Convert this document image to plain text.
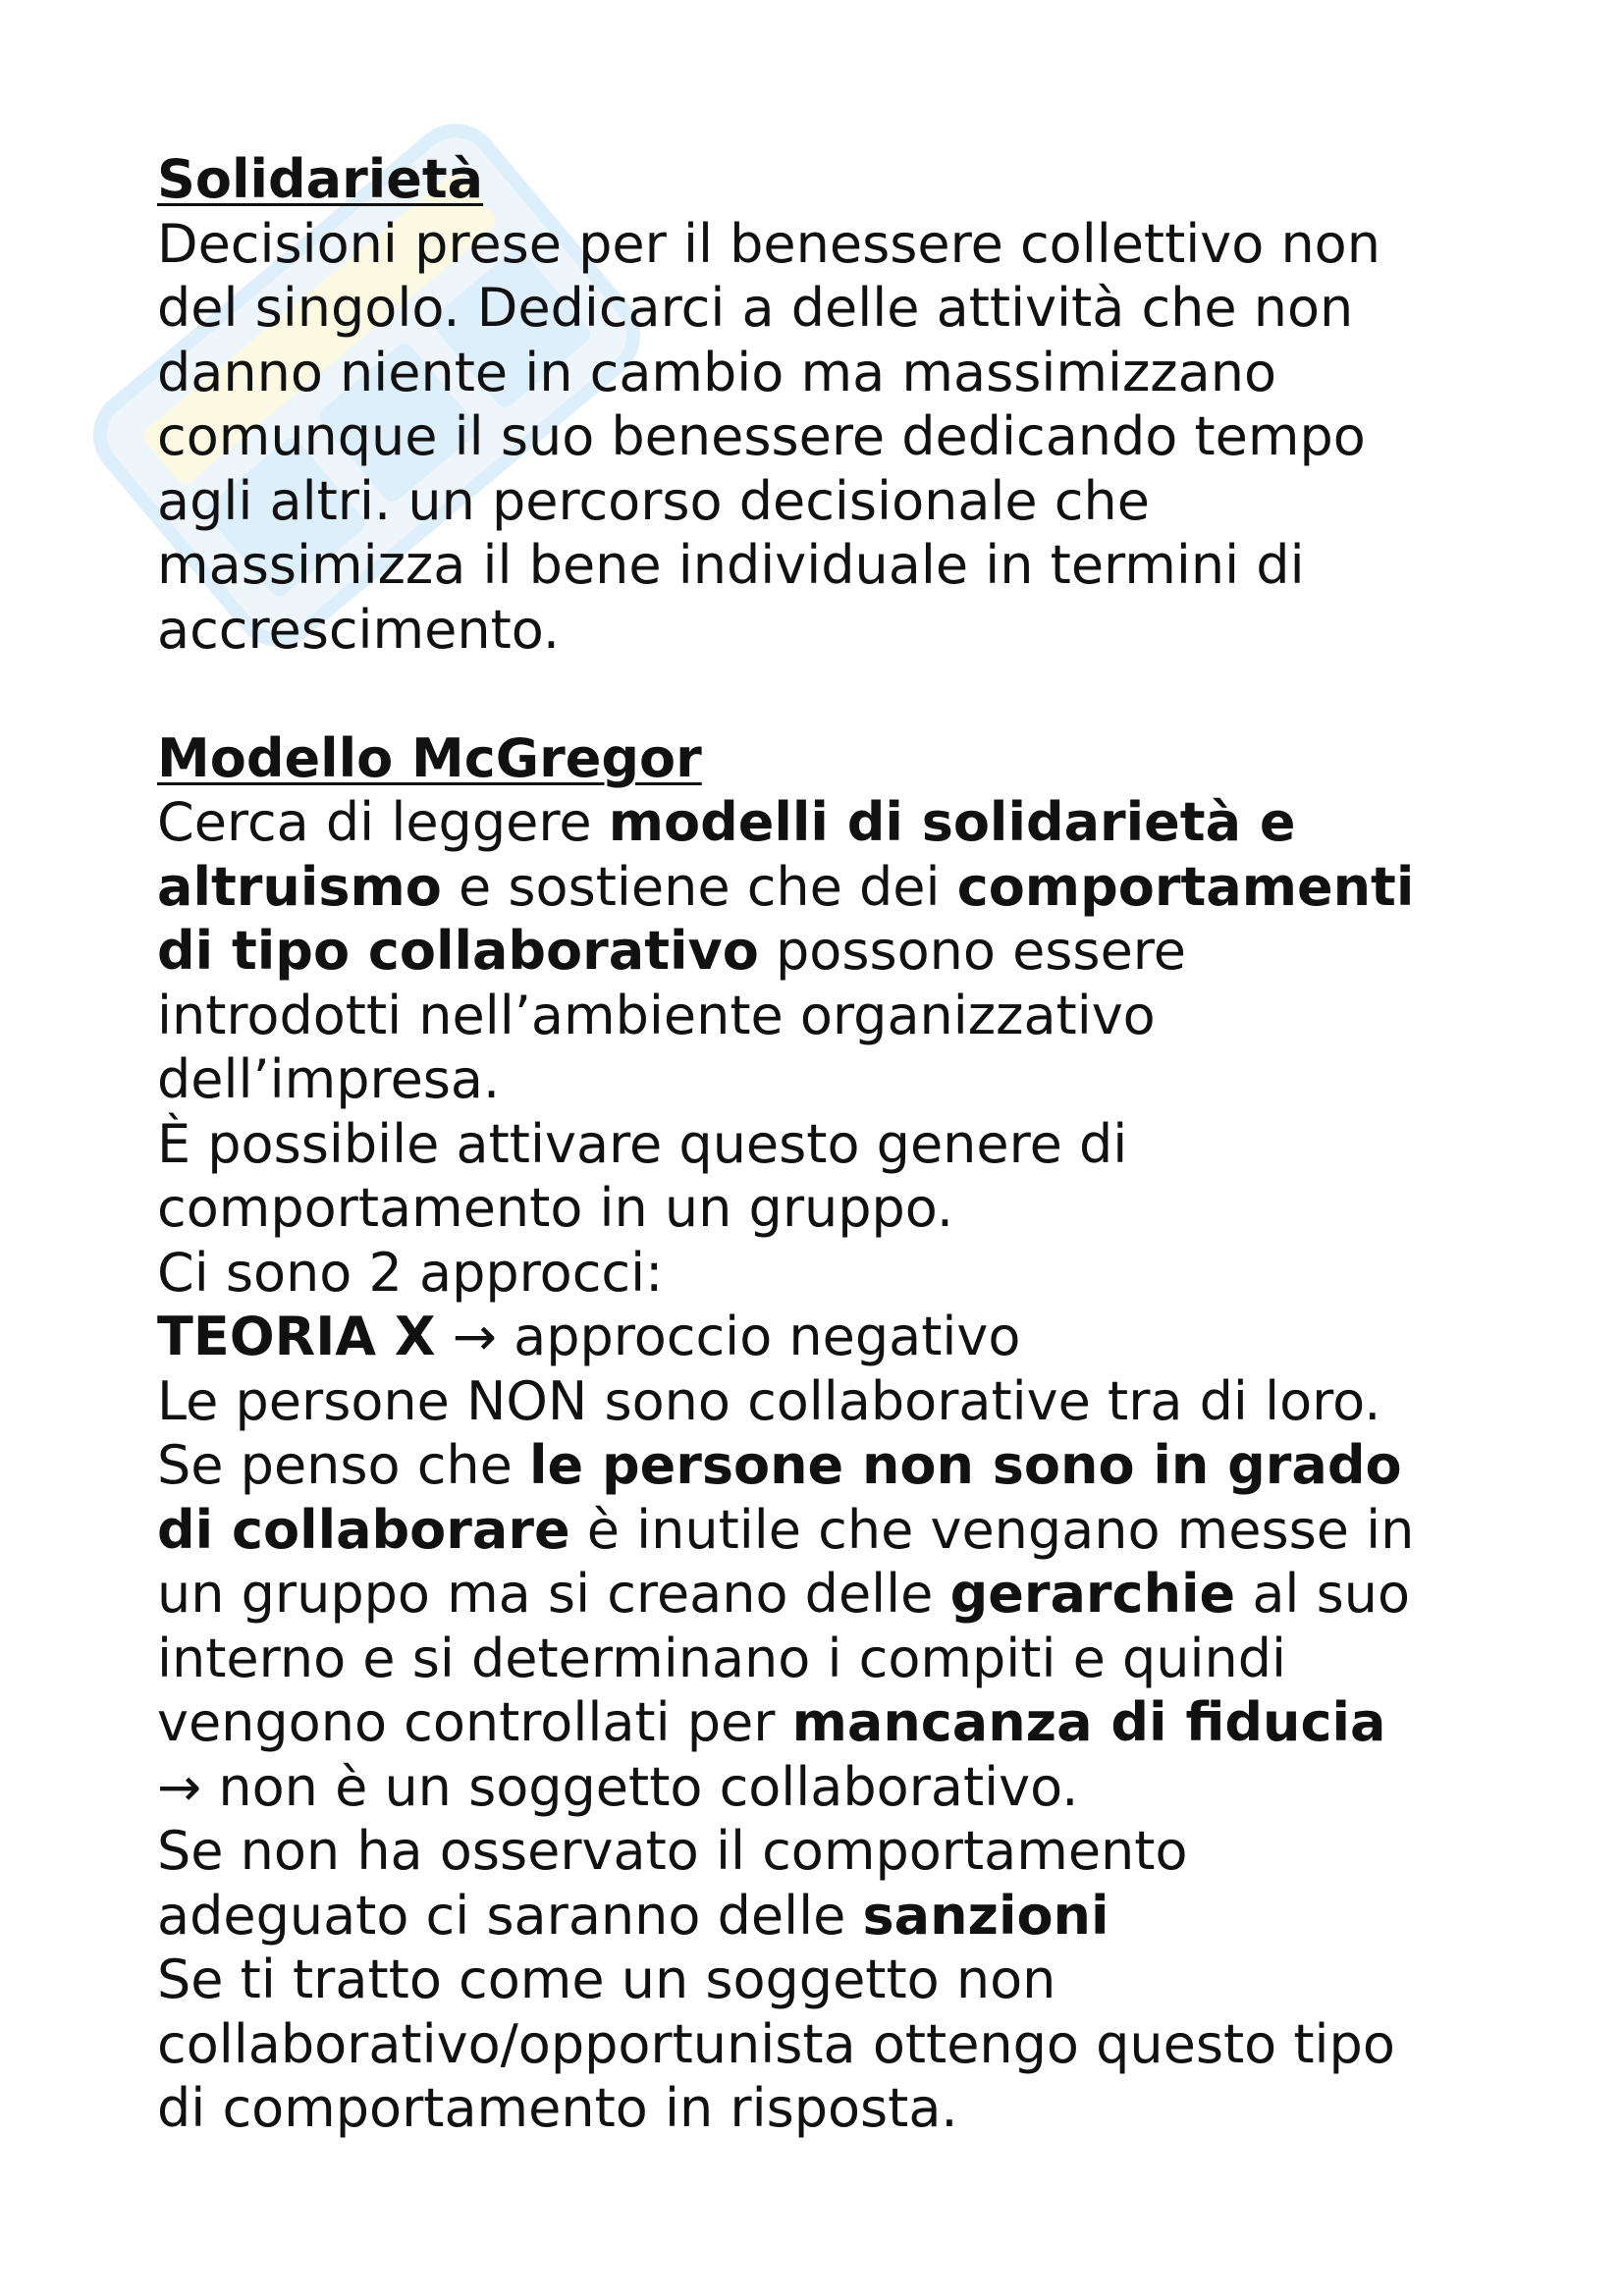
Solidarietà
Decisioni prese per il benessere collettivo non
del singolo. Dedicarci a delle attività che non
danno niente in cambio ma massimizzano
comunque il suo benessere dedicando tempo
agli altri. un percorso decisionale che
massimizza il bene individuale in termini di
accrescimento.
Modello McGregor
Cerca di leggere modelli di solidarietà e
altruismo e sostiene che dei comportamenti
di tipo collaborativo possono essere
introdotti nell’ambiente organizzativo
dell’impresa.
È possibile attivare questo genere di
comportamento in un gruppo.
Ci sono 2 approcci:
TEORIA X → approccio negativo
Le persone NON sono collaborative tra di loro.
Se penso che le persone non sono in grado
di collaborare è inutile che vengano messe in
un gruppo ma si creano delle gerarchie al suo
interno e si determinano i compiti e quindi
vengono controllati per mancanza di fiducia
→ non è un soggetto collaborativo.
Se non ha osservato il comportamento
adeguato ci saranno delle sanzioni
Se ti tratto come un soggetto non
collaborativo/opportunista ottengo questo tipo
di comportamento in risposta.
